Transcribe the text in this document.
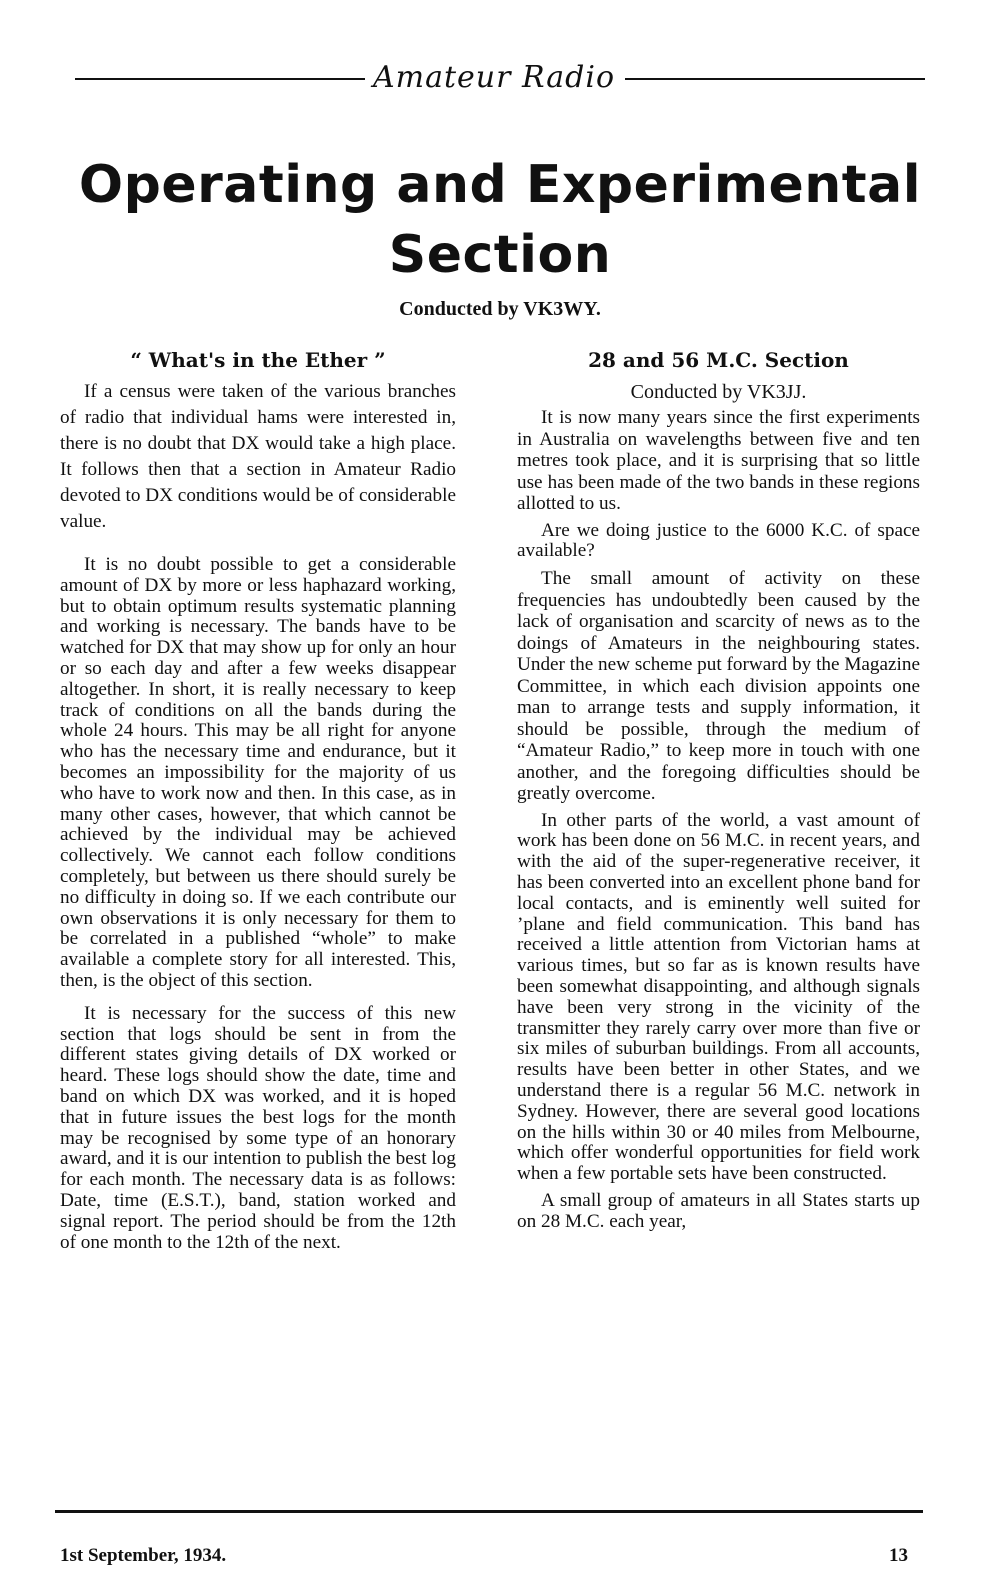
Amateur Radio
Operating and Experimental Section
Conducted by VK3WY.
“ What's in the Ether ”

If a census were taken of the various branches of radio that individual hams were interested in, there is no doubt that DX would take a high place. It follows then that a section in Amateur Radio devoted to DX conditions would be of considerable value.

It is no doubt possible to get a considerable amount of DX by more or less haphazard working, but to obtain optimum results systematic planning and working is necessary. The bands have to be watched for DX that may show up for only an hour or so each day and after a few weeks disappear altogether. In short, it is really necessary to keep track of conditions on all the bands during the whole 24 hours. This may be all right for anyone who has the necessary time and endurance, but it becomes an impossibility for the majority of us who have to work now and then. In this case, as in many other cases, however, that which cannot be achieved by the individual may be achieved collectively. We cannot each follow conditions completely, but between us there should surely be no difficulty in doing so. If we each contribute our own observations it is only necessary for them to be correlated in a published “whole” to make available a complete story for all interested. This, then, is the object of this section.

It is necessary for the success of this new section that logs should be sent in from the different states giving details of DX worked or heard. These logs should show the date, time and band on which DX was worked, and it is hoped that in future issues the best logs for the month may be recognised by some type of an honorary award, and it is our intention to publish the best log for each month. The necessary data is as follows: Date, time (E.S.T.), band, station worked and signal report. The period should be from the 12th of one month to the 12th of the next.

28 and 56 M.C. Section
Conducted by VK3JJ.

It is now many years since the first experiments in Australia on wavelengths between five and ten metres took place, and it is surprising that so little use has been made of the two bands in these regions allotted to us.

Are we doing justice to the 6000 K.C. of space available?

The small amount of activity on these frequencies has undoubtedly been caused by the lack of organisation and scarcity of news as to the doings of Amateurs in the neighbouring states. Under the new scheme put forward by the Magazine Committee, in which each division appoints one man to arrange tests and supply information, it should be possible, through the medium of “Amateur Radio,” to keep more in touch with one another, and the foregoing difficulties should be greatly overcome.

In other parts of the world, a vast amount of work has been done on 56 M.C. in recent years, and with the aid of the super-regenerative receiver, it has been converted into an excellent phone band for local contacts, and is eminently well suited for ’plane and field communication. This band has received a little attention from Victorian hams at various times, but so far as is known results have been somewhat disappointing, and although signals have been very strong in the vicinity of the transmitter they rarely carry over more than five or six miles of suburban buildings. From all accounts, results have been better in other States, and we understand there is a regular 56 M.C. network in Sydney. However, there are several good locations on the hills within 30 or 40 miles from Melbourne, which offer wonderful opportunities for field work when a few portable sets have been constructed.

A small group of amateurs in all States starts up on 28 M.C. each year,

1st September, 1934.	13
